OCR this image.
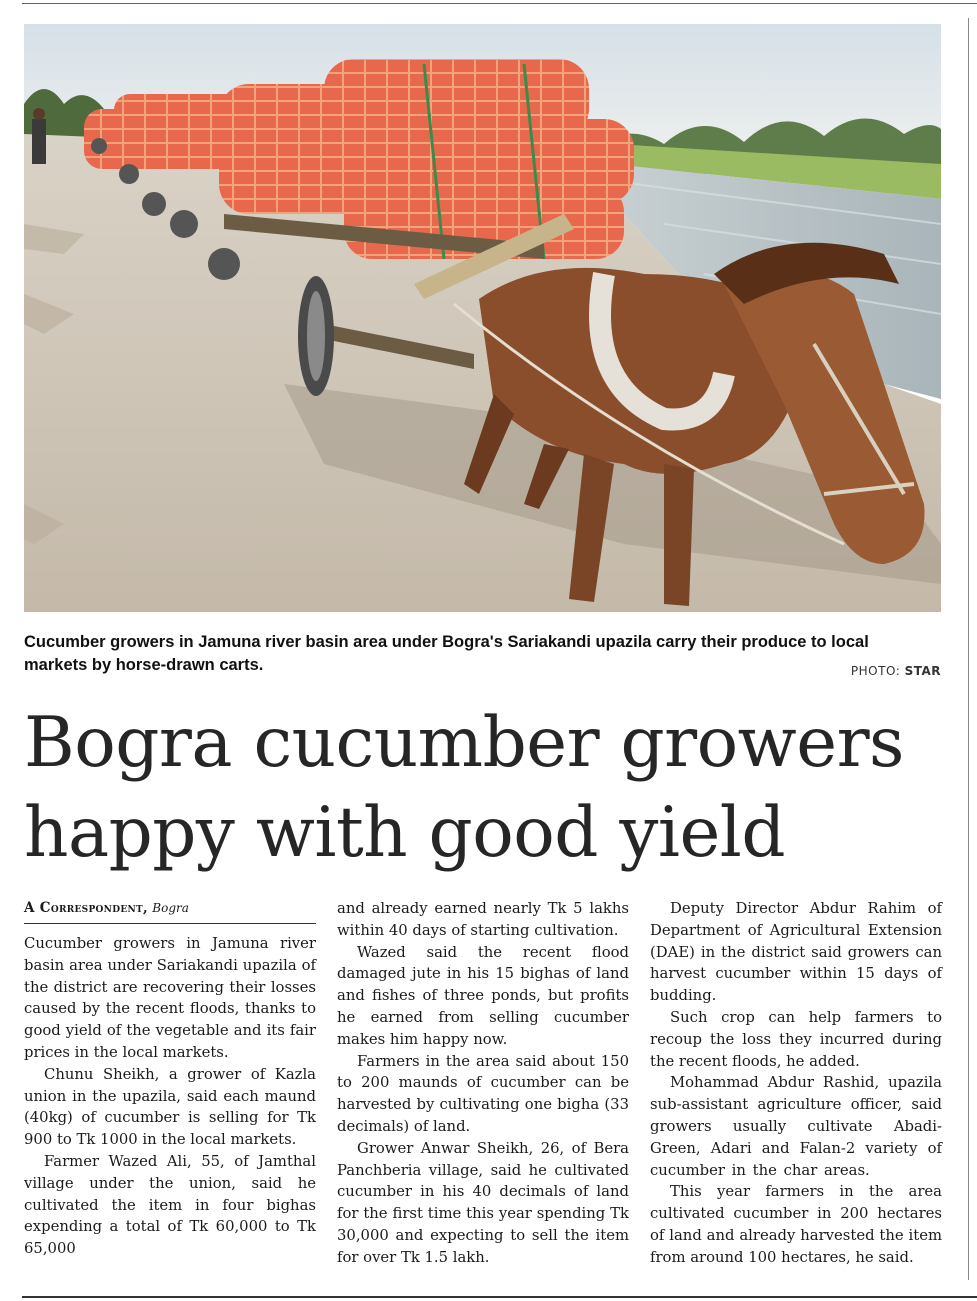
Cucumber growers in Jamuna river basin area under Bogra's Sariakandi upazila carry their produce to local markets by horse-drawn carts.	PHOTO: STAR
Bogra cucumber growers
happy with good yield
A Correspondent, Bogra

Cucumber growers in Jamuna river basin area under Sariakandi upazila of the district are recovering their losses caused by the recent floods, thanks to good yield of the vegetable and its fair prices in the local markets.

Chunu Sheikh, a grower of Kazla union in the upazila, said each maund (40kg) of cucumber is selling for Tk 900 to Tk 1000 in the local markets.

Farmer Wazed Ali, 55, of Jamthal village under the union, said he cultivated the item in four bighas expending a total of Tk 60,000 to Tk 65,000

and already earned nearly Tk 5 lakhs within 40 days of starting cultivation.

Wazed said the recent flood damaged jute in his 15 bighas of land and fishes of three ponds, but profits he earned from selling cucumber makes him happy now.

Farmers in the area said about 150 to 200 maunds of cucumber can be harvested by cultivating one bigha (33 decimals) of land.

Grower Anwar Sheikh, 26, of Bera Panchberia village, said he cultivated cucumber in his 40 decimals of land for the first time this year spending Tk 30,000 and expecting to sell the item for over Tk 1.5 lakh.

Deputy Director Abdur Rahim of Department of Agricultural Extension (DAE) in the district said growers can harvest cucumber within 15 days of budding.

Such crop can help farmers to recoup the loss they incurred during the recent floods, he added.

Mohammad Abdur Rashid, upazila sub-assistant agriculture officer, said growers usually cultivate Abadi-Green, Adari and Falan-2 variety of cucumber in the char areas.

This year farmers in the area cultivated cucumber in 200 hectares of land and already harvested the item from around 100 hectares, he said.
